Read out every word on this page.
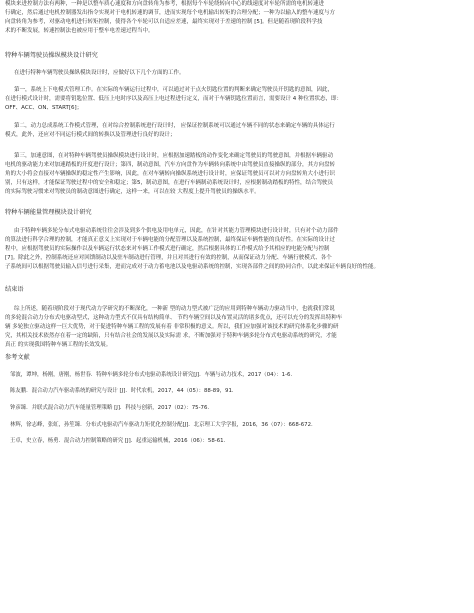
模块来进控制方法有两种，一种是以整车质心速度和方向盘转角为参考，根据每个车轮绕转向中心的线速度对车轮所需的电机转速进
行确定，然后通过电机控制器发出指令实现对于电机转速的调节，进而实现每个电机输出转矩的合理分配；一种为以输入的整车速度与方
向盘转角为参考，对驱动电机进行转矩控制，使得各个车轮可以自适应差速，最终实现对于差速的控制 [5]。但是随着现阶段科学技
术的不断发展，转速控制法也被应用于整车电差速过程当中。
特种车辆驾驶员操纵模块设计研究
在进行特种车辆驾驶员操纵模块设计时，应做好以下几个方面的工作。
第一，系统上下电模式管理工作。在实际的车辆运行过程中，可以通过对于点火钥匙位置的判断来确定驾驶员开钥匙的意图，因此，
在进行模式设计时，需要将钥匙位置、低压上电时序以及高压上电过程进行定义，而对于车辆钥匙位置而言，需要设计 4 种位置状态，即：
OFF、ACC、ON、START[6]；
第二，动力总成系统工作模式管理，在对综合控制系统进行设计时， 应保证控制系统可以通过车辆不同的状态来确定车辆的具体运行
模式，此外，还应对不同运行模式间的转换以及管理进行良好的设计；
第三，加速意图，在对特种车辆驾驶员操纵模块进行设计时，应根据加速踏板的动作变化来确定驾驶员的驾驶意图，并根据车辆驱动
电机的驱动能力来对加速踏板的开度进行设计；第四，制动意图，汽车方向盘作为车辆转向系统中由驾驶员直接操纵的部分，其方向盘转
角的大小将会直接对车辆操纵的稳定性产生影响，因此，在对车辆转向操纵系统进行设计时，应保证驾驶员可以对方向盘转角大小进行识
别，只有这样，才能保证驾驶过程中的安全和稳定；第5，制动意图，在进行车辆制动系统设计时，应根据制动踏板的特性，结合驾驶员
的实际驾驶习惯来对驾驶员的制动意图进行确定，这样一来，可以在较 大程度上提升驾驶员的操纵水平。
特种车辆能量管理模块设计研究
由于特种车辆多轮分布式电驱动系统往往会涉及到多个供电及用电单元，因此，在针对其能力管理模块进行设计时，只有对个动力部件
的算法进行科学合理的控制，才能真正意义上实现对于车辆电能的分配管理以及系统控制，最终保证车辆性能的良好性。在实际的设计过
程中，应根据驾驶员的实际操作以及车辆运行状态来对车辆工作模式进行确定，然后根据具体的工作模式给予其相应的电能分配与控制
[7]。除此之外，控制系统还应对回馈制动以及驻车制动进行管理，并且对其进行有效的控制，从而保证动力分配、车辆行驶模式、各个
子系统间可以根据驾驶员输入信号进行采集，进而完成对于动力蓄电池以及电驱动系统的控制，实现各部件之间的协同合作，以此来保证车辆良好的性能。
结束语
综上所述，随着现阶段对于现代动力学研究的不断深化，一种新 型的动力型式被广泛的应用到特种车辆动力驱动当中，也就我们常说
的多轮混合动力分布式电驱动型式，这种动力型式不仅具有结构简单、 节约车辆空间以及布置灵活的诸多优点，还可以充分的发挥出特种车
辆 多轮独立驱动这样一巨大优势，对于促进特种车辆工程的发展有着 非常积极的意义。所以，我们应加强对该技术的研究体系化步骤的研
究，其相关技术依然存在着一定的缺陷，只有结合社会的发展以及实际需 求，不断加强对于特种车辆多轮分布式电驱动系统的研究，才能
真正 的实现我国特种车辆工程的长效发展。
参考文献
邹波，谭坤，杨刚，唐刚，杨世春．特种车辆多轮分布式电驱动系统设计研究[J]．车辆与动力技术，2017（04）：1-6.
陈友鹏．混合动力汽车驱动系统的研究与设计 [J]．时代农机，2017，44（05）：88-89，91.
钟彦臻．并联式混合动力汽车能量管理策略 [J]．科技与创新，2017（02）：75-76.
林辉，徐志峰，张虹，孙笙臻．分布式电驱动汽车驱动力矩优化控制分配[J]．北京理工大学学报，2016，36（07）：668-672.
王卓，史立春，杨勇．混合动力控制策略的研究 [J]．起重运输机械，2016（06）：58-61.
